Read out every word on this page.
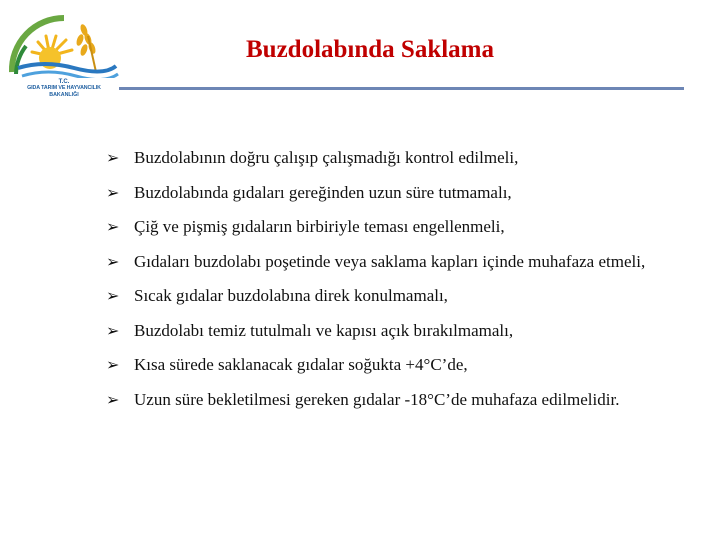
T.C.
GIDA TARIM VE HAYVANCILIK
BAKANLIĞI
Buzdolabında Saklama
➢ Buzdolabının doğru çalışıp çalışmadığı kontrol edilmeli,
➢ Buzdolabında gıdaları gereğinden uzun süre tutmamalı,
➢ Çiğ ve pişmiş gıdaların birbiriyle teması engellenmeli,
➢ Gıdaları buzdolabı poşetinde veya saklama kapları içinde muhafaza etmeli,
➢ Sıcak gıdalar buzdolabına direk konulmamalı,
➢ Buzdolabı temiz tutulmalı ve kapısı açık bırakılmamalı,
➢ Kısa sürede saklanacak gıdalar soğukta +4°C’de,
➢ Uzun süre bekletilmesi gereken gıdalar -18°C’de muhafaza edilmelidir.
